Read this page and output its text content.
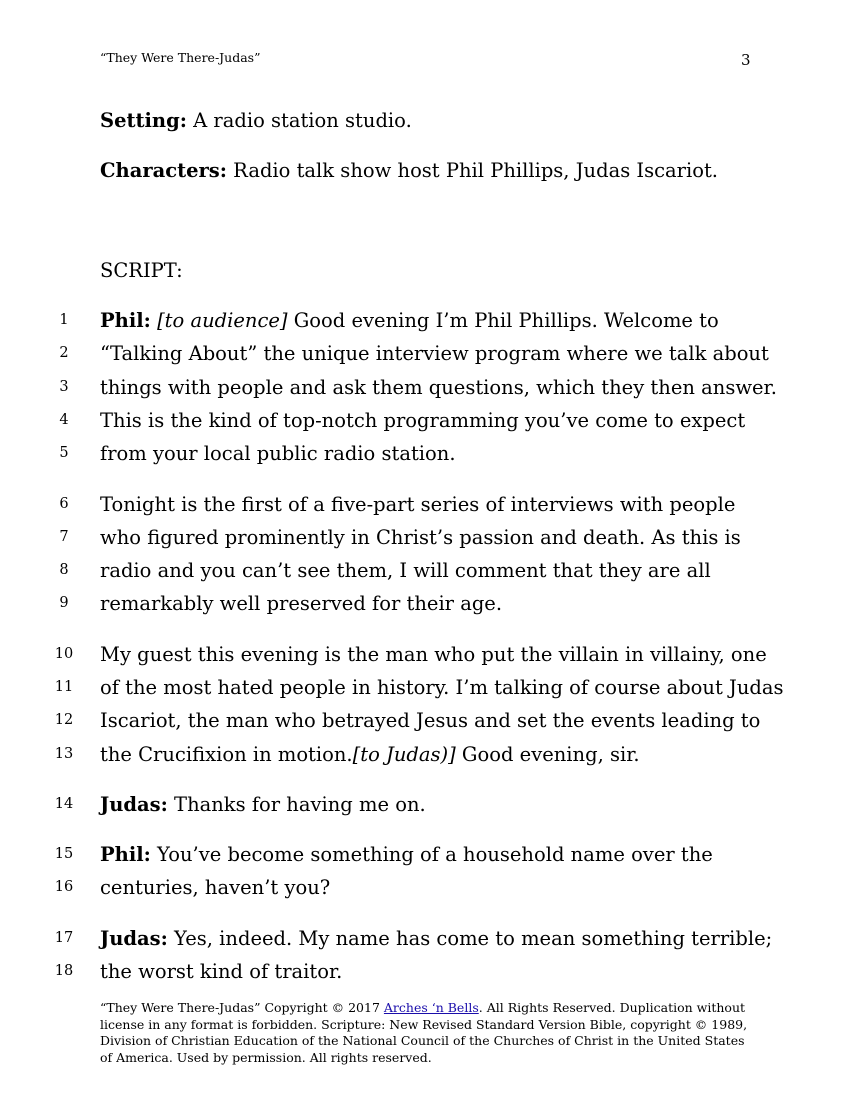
“They Were There-Judas”	3
Setting: A radio station studio.
Characters: Radio talk show host Phil Phillips, Judas Iscariot.
SCRIPT:
1	Phil: [to audience] Good evening I’m Phil Phillips. Welcome to
2	“Talking About” the unique interview program where we talk about
3	things with people and ask them questions, which they then answer.
4	This is the kind of top-notch programming you’ve come to expect
5	from your local public radio station.
6	Tonight is the first of a five-part series of interviews with people
7	who figured prominently in Christ’s passion and death. As this is
8	radio and you can’t see them, I will comment that they are all
9	remarkably well preserved for their age.
10 My guest this evening is the man who put the villain in villainy, one
11 of the most hated people in history. I’m talking of course about Judas
12 Iscariot, the man who betrayed Jesus and set the events leading to
13 the Crucifixion in motion.[to Judas)] Good evening, sir.
14 Judas: Thanks for having me on.
15 Phil: You’ve become something of a household name over the
16 centuries, haven’t you?
17 Judas: Yes, indeed. My name has come to mean something terrible;
18 the worst kind of traitor.
“They Were There-Judas” Copyright © 2017 Arches ‘n Bells. All Rights Reserved. Duplication without license in any format is forbidden. Scripture: New Revised Standard Version Bible, copyright © 1989, Division of Christian Education of the National Council of the Churches of Christ in the United States of America. Used by permission. All rights reserved.
